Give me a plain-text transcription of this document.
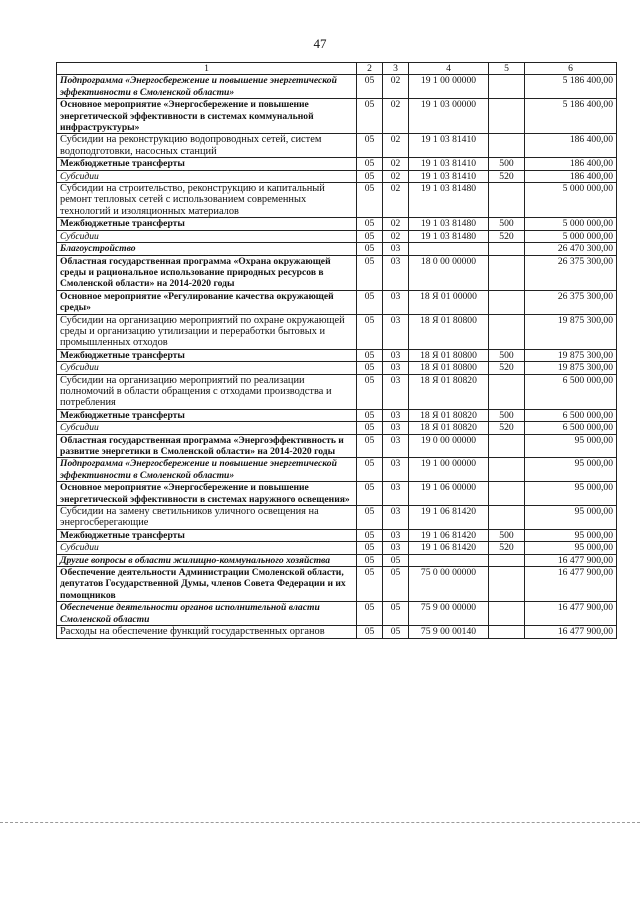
47
1	2	3	4	5	6
Подпрограмма «Энергосбережение и повышение энергетической эффективности в Смоленской области»	05	02	19 1 00 00000		5 186 400,00
Основное мероприятие «Энергосбережение и повышение энергетической эффективности в системах коммунальной инфраструктуры»	05	02	19 1 03 00000		5 186 400,00
Субсидии на реконструкцию водопроводных сетей, систем водоподготовки, насосных станций	05	02	19 1 03 81410		186 400,00
Межбюджетные трансферты	05	02	19 1 03 81410	500	186 400,00
Субсидии	05	02	19 1 03 81410	520	186 400,00
Субсидии на строительство, реконструкцию и капитальный ремонт тепловых сетей с использованием современных технологий и изоляционных материалов	05	02	19 1 03 81480		5 000 000,00
Межбюджетные трансферты	05	02	19 1 03 81480	500	5 000 000,00
Субсидии	05	02	19 1 03 81480	520	5 000 000,00
Благоустройство	05	03			26 470 300,00
Областная государственная программа «Охрана окружающей среды и рациональное использование природных ресурсов в Смоленской области» на 2014-2020 годы	05	03	18 0 00 00000		26 375 300,00
Основное мероприятие «Регулирование качества окружающей среды»	05	03	18 Я 01 00000		26 375 300,00
Субсидии на организацию мероприятий по охране окружающей среды и организацию утилизации и переработки бытовых и промышленных отходов	05	03	18 Я 01 80800		19 875 300,00
Межбюджетные трансферты	05	03	18 Я 01 80800	500	19 875 300,00
Субсидии	05	03	18 Я 01 80800	520	19 875 300,00
Субсидии на организацию мероприятий по реализации полномочий в области обращения с отходами производства и потребления	05	03	18 Я 01 80820		6 500 000,00
Межбюджетные трансферты	05	03	18 Я 01 80820	500	6 500 000,00
Субсидии	05	03	18 Я 01 80820	520	6 500 000,00
Областная государственная программа «Энергоэффективность и развитие энергетики в Смоленской области» на 2014-2020 годы	05	03	19 0 00 00000		95 000,00
Подпрограмма «Энергосбережение и повышение энергетической эффективности в Смоленской области»	05	03	19 1 00 00000		95 000,00
Основное мероприятие «Энергосбережение и повышение энергетической эффективности в системах наружного освещения»	05	03	19 1 06 00000		95 000,00
Субсидии на замену светильников уличного освещения на энергосберегающие	05	03	19 1 06 81420		95 000,00
Межбюджетные трансферты	05	03	19 1 06 81420	500	95 000,00
Субсидии	05	03	19 1 06 81420	520	95 000,00
Другие вопросы в области жилищно-коммунального хозяйства	05	05			16 477 900,00
Обеспечение деятельности Администрации Смоленской области, депутатов Государственной Думы, членов Совета Федерации и их помощников	05	05	75 0 00 00000		16 477 900,00
Обеспечение деятельности органов исполнительной власти Смоленской области	05	05	75 9 00 00000		16 477 900,00
Расходы на обеспечение функций государственных органов	05	05	75 9 00 00140		16 477 900,00
